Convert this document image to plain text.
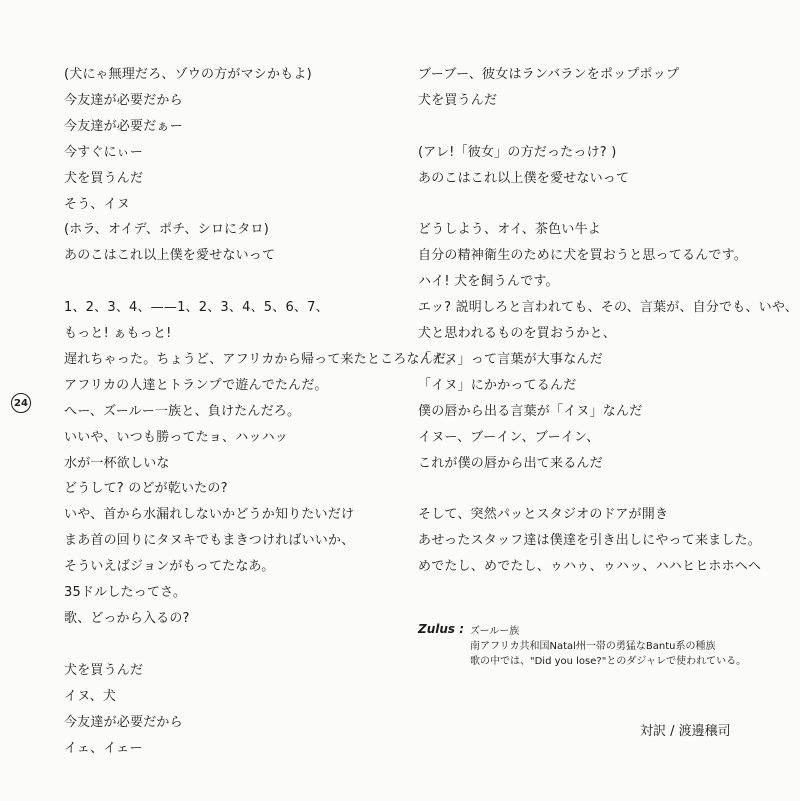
24
(犬にゃ無理だろ、ゾウの方がマシかもよ)
今友達が必要だから
今友達が必要だぁー
今すぐにぃー
犬を買うんだ
そう、イヌ
(ホラ、オイデ、ポチ、シロにタロ)
あのこはこれ以上僕を愛せないって
1、2、3、4、——1、2、3、4、5、6、7、
もっと! ぁもっと!
遅れちゃった。ちょうど、アフリカから帰って来たところなんだ。
アフリカの人達とトランプで遊んでたんだ。
へー、ズールー一族と、負けたんだろ。
いいや、いつも勝ってたョ、ハッハッ
水が一杯欲しいな
どうして? のどが乾いたの?
いや、首から水漏れしないかどうか知りたいだけ
まあ首の回りにタヌキでもまきつければいいか、
そういえばジョンがもってたなあ。
35ドルしたってさ。
歌、どっから入るの?
犬を買うんだ
イヌ、犬
今友達が必要だから
イェ、イェー
ブーブー、彼女はランバランをポップポップ
犬を買うんだ
(アレ!「彼女」の方だったっけ? )
あのこはこれ以上僕を愛せないって
どうしよう、オイ、茶色い牛よ
自分の精神衛生のために犬を買おうと思ってるんです。
ハイ! 犬を飼うんです。
エッ? 説明しろと言われても、その、言葉が、自分でも、いや、
犬と思われるものを買おうかと、
「イヌ」って言葉が大事なんだ
「イヌ」にかかってるんだ
僕の唇から出る言葉が「イヌ」なんだ
イヌー、ブーイン、ブーイン、
これが僕の唇から出て来るんだ
そして、突然パッとスタジオのドアが開き
あせったスタッフ達は僕達を引き出しにやって来ました。
めでたし、めでたし、ゥハゥ、ゥハッ、ハハヒヒホホヘヘ
Zulus : ズールー族
南アフリカ共和国Natal州一帯の勇猛なBantu系の種族
歌の中では、"Did you lose?"とのダジャレで使われている。
対訳 / 渡邊穣司
